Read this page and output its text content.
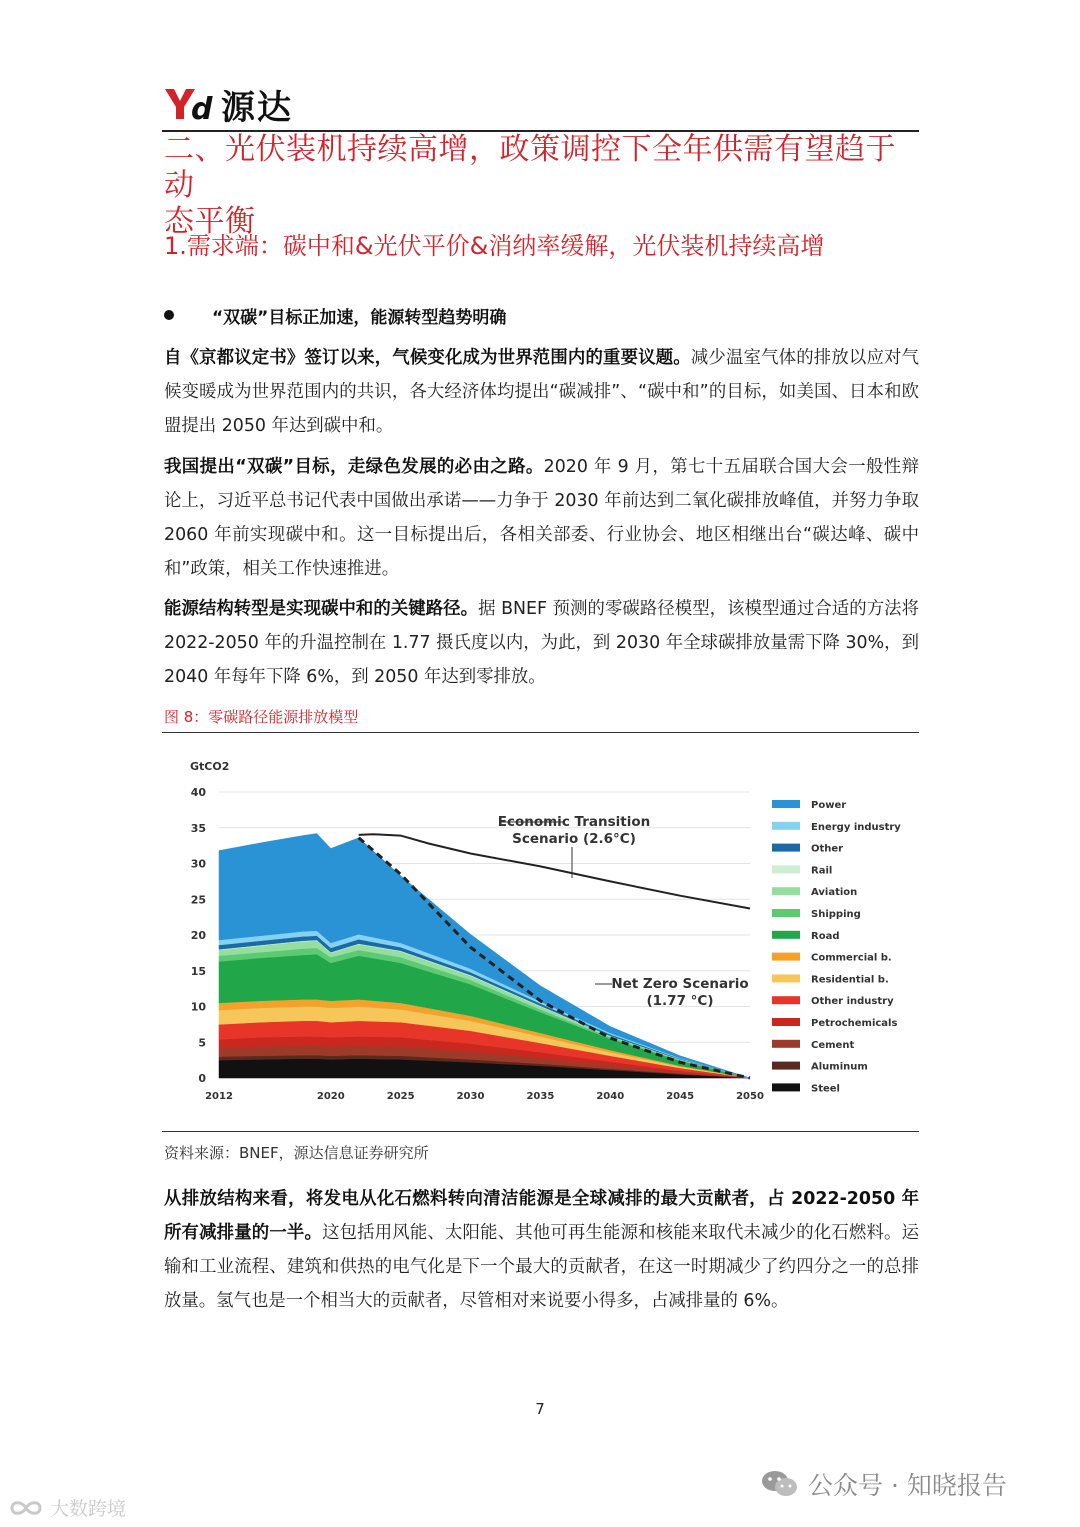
d 源达
二、光伏装机持续高增，政策调控下全年供需有望趋于动
态平衡
1.需求端：碳中和&光伏平价&消纳率缓解，光伏装机持续高增
“双碳”目标正加速，能源转型趋势明确
自《京都议定书》签订以来，气候变化成为世界范围内的重要议题。减少温室气体的排放以应对气候变暖成为世界范围内的共识，各大经济体均提出“碳减排”、“碳中和”的目标，如美国、日本和欧盟提出 2050 年达到碳中和。
我国提出“双碳”目标，走绿色发展的必由之路。2020 年 9 月，第七十五届联合国大会一般性辩论上，习近平总书记代表中国做出承诺——力争于 2030 年前达到二氧化碳排放峰值，并努力争取 2060 年前实现碳中和。这一目标提出后，各相关部委、行业协会、地区相继出台“碳达峰、碳中和”政策，相关工作快速推进。
能源结构转型是实现碳中和的关键路径。据 BNEF 预测的零碳路径模型，该模型通过合适的方法将 2022-2050 年的升温控制在 1.77 摄氏度以内，为此，到 2030 年全球碳排放量需下降 30%，到 2040 年每年下降 6%，到 2050 年达到零排放。
图 8：零碳路径能源排放模型
GtCO2
0
5
10
15
20
25
30
35
40
2012	2020	2025	2030	2035	2040	2045	2050
Power
Energy industry
Other
Rail
Aviation
Shipping
Road
Commercial b.
Residential b.
Other industry
Petrochemicals
Cement
Aluminum
Steel
Economic Transition
Scenario (2.6°C)
Net Zero Scenario
(1.77 °C)
资料来源：BNEF，源达信息证券研究所
从排放结构来看，将发电从化石燃料转向清洁能源是全球减排的最大贡献者，占 2022-2050 年所有减排量的一半。这包括用风能、太阳能、其他可再生能源和核能来取代未减少的化石燃料。运输和工业流程、建筑和供热的电气化是下一个最大的贡献者，在这一时期减少了约四分之一的总排放量。氢气也是一个相当大的贡献者，尽管相对来说要小得多，占减排量的 6%。
7
公众号 · 知晓报告
大数跨境
